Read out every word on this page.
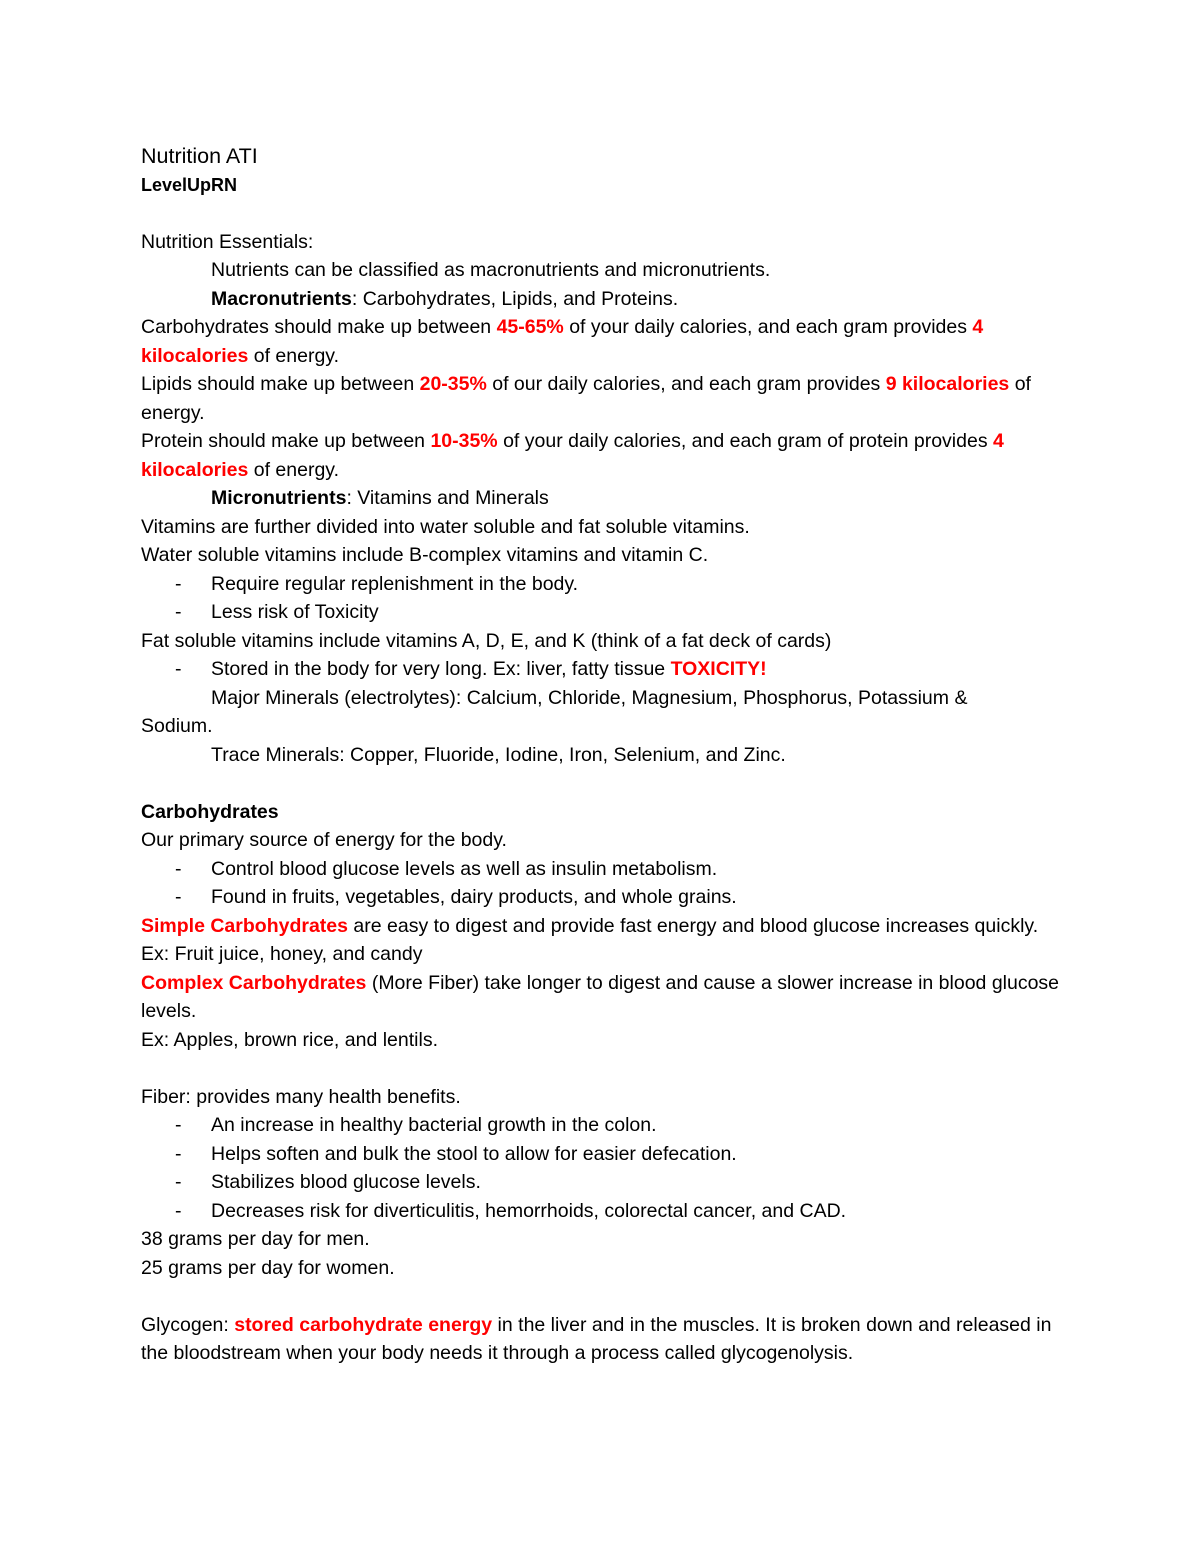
Nutrition ATI

LevelUpRN

Nutrition Essentials:

Nutrients can be classified as macronutrients and micronutrients.

Macronutrients: Carbohydrates, Lipids, and Proteins.

Carbohydrates should make up between 45-65% of your daily calories, and each gram provides 4 kilocalories of energy.

Lipids should make up between 20-35% of our daily calories, and each gram provides 9 kilocalories of energy.

Protein should make up between 10-35% of your daily calories, and each gram of protein provides 4 kilocalories of energy.

Micronutrients: Vitamins and Minerals

Vitamins are further divided into water soluble and fat soluble vitamins.

Water soluble vitamins include B-complex vitamins and vitamin C.

- Require regular replenishment in the body.

- Less risk of Toxicity

Fat soluble vitamins include vitamins A, D, E, and K (think of a fat deck of cards)

- Stored in the body for very long. Ex: liver, fatty tissue TOXICITY!

Major Minerals (electrolytes): Calcium, Chloride, Magnesium, Phosphorus, Potassium &

Sodium.

Trace Minerals: Copper, Fluoride, Iodine, Iron, Selenium, and Zinc.

Carbohydrates

Our primary source of energy for the body.

- Control blood glucose levels as well as insulin metabolism.

- Found in fruits, vegetables, dairy products, and whole grains.

Simple Carbohydrates are easy to digest and provide fast energy and blood glucose increases quickly.

Ex: Fruit juice, honey, and candy

Complex Carbohydrates (More Fiber) take longer to digest and cause a slower increase in blood glucose levels.

Ex: Apples, brown rice, and lentils.

Fiber: provides many health benefits.

- An increase in healthy bacterial growth in the colon.

- Helps soften and bulk the stool to allow for easier defecation.

- Stabilizes blood glucose levels.

- Decreases risk for diverticulitis, hemorrhoids, colorectal cancer, and CAD.

38 grams per day for men.

25 grams per day for women.

Glycogen: stored carbohydrate energy in the liver and in the muscles. It is broken down and released in the bloodstream when your body needs it through a process called glycogenolysis.
